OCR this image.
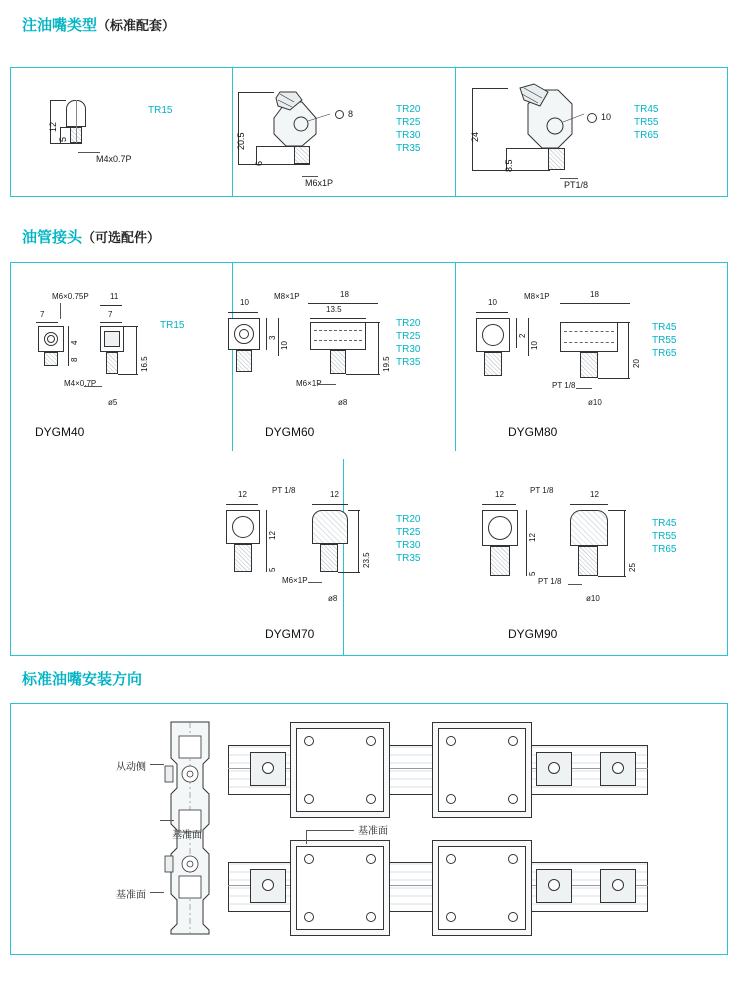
注油嘴类型（标准配套）
12
5
M4x0.7P
TR15	8
20.5
6
M6x1P
TR20
TR25
TR30
TR35
10
24
8.5
PT1/8
TR45
TR55
TR65
油管接头（可选配件）
M6×0.75P	11
7	7
4
8	16.5
M4×0.7P
ø5
TR15
DYGM40
10
M8×1P	18
13.5
3
10
19.5
M6×1P
ø8
TR20
TR25
TR30
TR35
DYGM60
10
M8×1P	18
2
10
20
PT 1/8
ø10
TR45
TR55
TR65
DYGM80
12	PT 1/8	12
12
5
23.5
M6×1P
ø8
TR20
TR25
TR30
TR35
DYGM70
12	PT 1/8	12
12
5
25
PT 1/8
ø10
TR45
TR55
TR65
DYGM90
标准油嘴安装方向
从动侧
基准面
基准面
基准面
